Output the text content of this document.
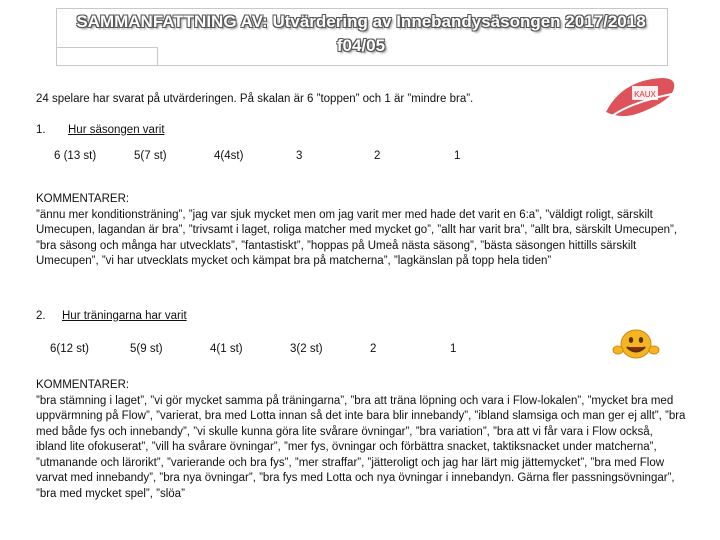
SAMMANFATTNING AV: Utvärdering av Innebandysäsongen 2017/2018
f04/05
KAUX
24 spelare har svarat på utvärderingen. På skalan är 6 ”toppen” och 1 är ”mindre bra”.
1. Hur säsongen varit
6 (13 st)	5(7 st)	4(4st)	3	2	1
KOMMENTARER:
”ännu mer konditionsträning”, ”jag var sjuk mycket men om jag varit mer med hade det varit en 6:a”, ”väldigt roligt, särskilt Umecupen, lagandan är bra”, ”trivsamt i laget, roliga matcher med mycket go”, ”allt har varit bra”, ”allt bra, särskilt Umecupen”, ”bra säsong och många har utvecklats”, ”fantastiskt”, ”hoppas på Umeå nästa säsong”, ”bästa säsongen hittills särskilt Umecupen”, ”vi har utvecklats mycket och kämpat bra på matcherna”, ”lagkänslan på topp hela tiden”
2. Hur träningarna har varit
6(12 st)	5(9 st)	4(1 st)	3(2 st)	2	1
KOMMENTARER:
”bra stämning i laget”, ”vi gör mycket samma på träningarna”, ”bra att träna löpning och vara i Flow-lokalen”, ”mycket bra med uppvärmning på Flow”, ”varierat, bra med Lotta innan så det inte bara blir innebandy”, ”ibland slamsiga och man ger ej allt”, ”bra med både fys och innebandy”, ”vi skulle kunna göra lite svårare övningar”, ”bra variation”, ”bra att vi får vara i Flow också, ibland lite ofokuserat”, ”vill ha svårare övningar”, ”mer fys, övningar och förbättra snacket, taktiksnacket under matcherna”, ”utmanande och lärorikt”, ”varierande och bra fys”, ”mer straffar”, ”jätteroligt och jag har lärt mig jättemycket”, ”bra med Flow varvat med innebandy”, ”bra nya övningar”, ”bra fys med Lotta och nya övningar i innebandyn. Gärna fler passningsövningar”, ”bra med mycket spel”, ”slöa”
